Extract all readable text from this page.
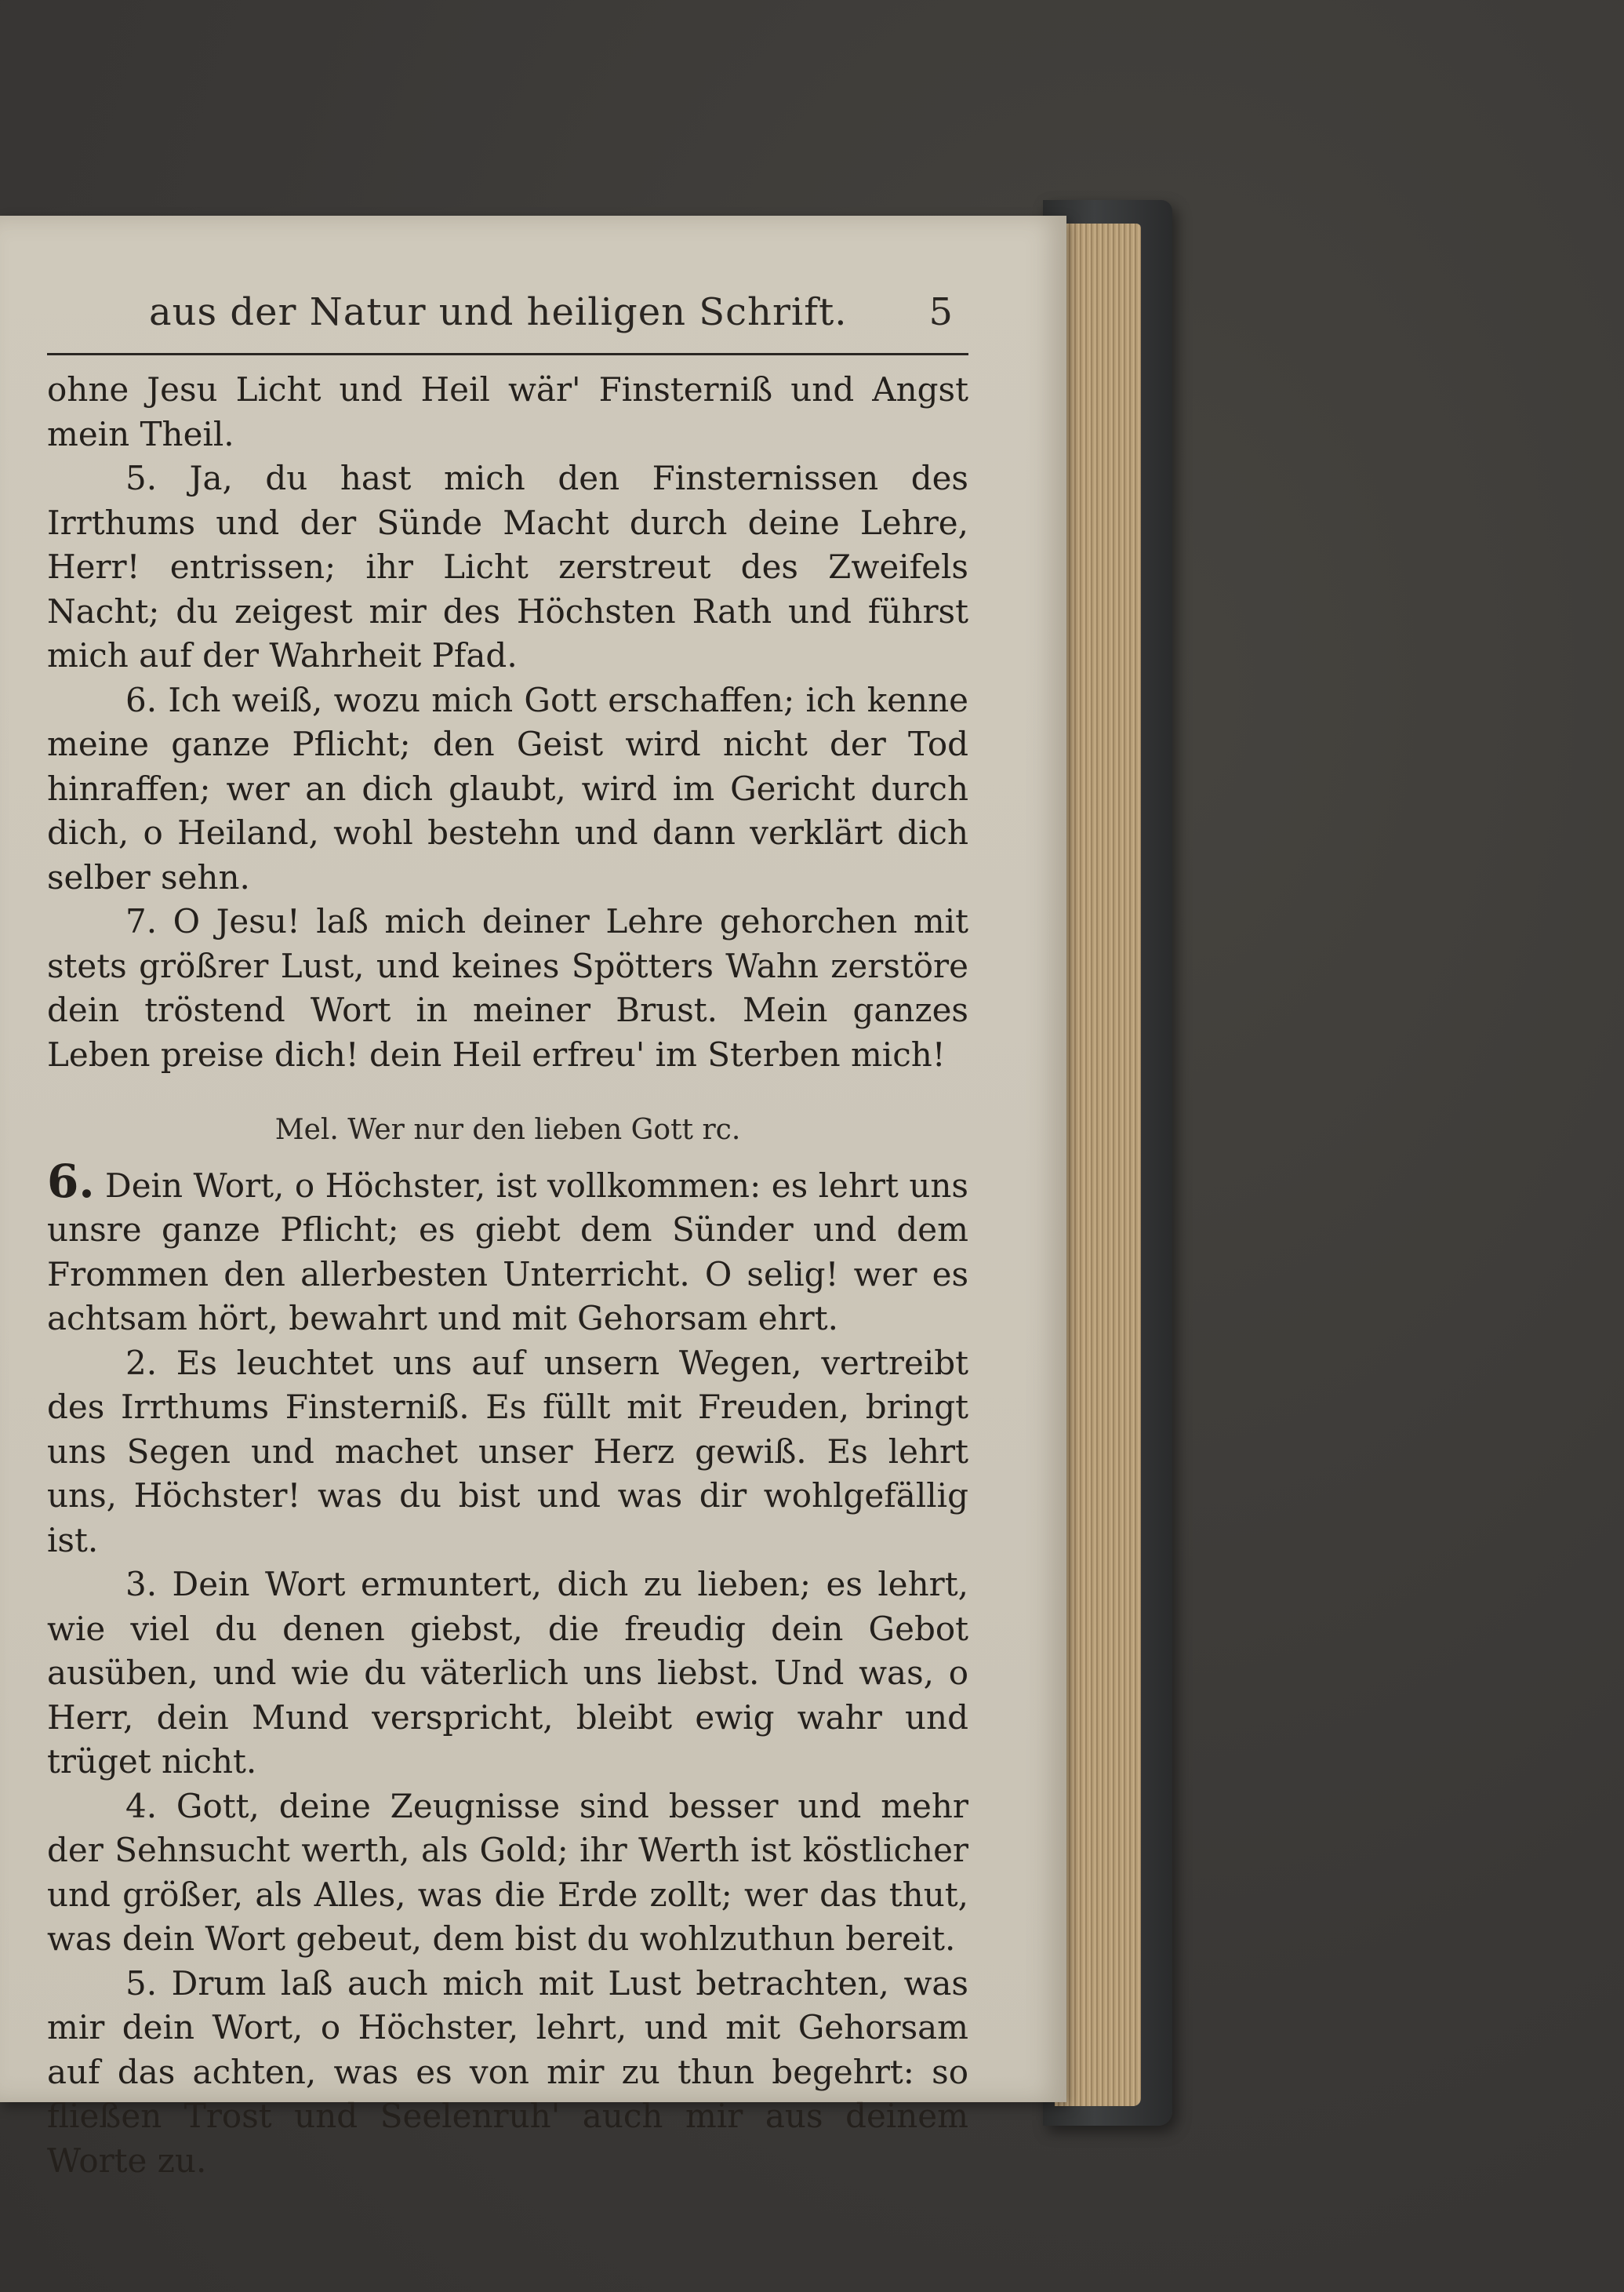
aus der Natur und heiligen Schrift. 5

ohne Jesu Licht und Heil wär' Finsterniß und Angst mein Theil.

5. Ja, du hast mich den Finsternissen des Irrthums und der Sünde Macht durch deine Lehre, Herr! entrissen; ihr Licht zerstreut des Zweifels Nacht; du zeigest mir des Höchsten Rath und führst mich auf der Wahrheit Pfad.

6. Ich weiß, wozu mich Gott erschaffen; ich kenne meine ganze Pflicht; den Geist wird nicht der Tod hinraffen; wer an dich glaubt, wird im Gericht durch dich, o Heiland, wohl bestehn und dann verklärt dich selber sehn.

7. O Jesu! laß mich deiner Lehre gehorchen mit stets größrer Lust, und keines Spötters Wahn zerstöre dein tröstend Wort in meiner Brust. Mein ganzes Leben preise dich! dein Heil erfreu' im Sterben mich!

Mel. Wer nur den lieben Gott rc.

6. Dein Wort, o Höchster, ist vollkommen: es lehrt uns unsre ganze Pflicht; es giebt dem Sünder und dem Frommen den allerbesten Unterricht. O selig! wer es achtsam hört, bewahrt und mit Gehorsam ehrt.

2. Es leuchtet uns auf unsern Wegen, vertreibt des Irrthums Finsterniß. Es füllt mit Freuden, bringt uns Segen und machet unser Herz gewiß. Es lehrt uns, Höchster! was du bist und was dir wohlgefällig ist.

3. Dein Wort ermuntert, dich zu lieben; es lehrt, wie viel du denen giebst, die freudig dein Gebot ausüben, und wie du väterlich uns liebst. Und was, o Herr, dein Mund verspricht, bleibt ewig wahr und trüget nicht.

4. Gott, deine Zeugnisse sind besser und mehr der Sehnsucht werth, als Gold; ihr Werth ist köstlicher und größer, als Alles, was die Erde zollt; wer das thut, was dein Wort gebeut, dem bist du wohlzuthun bereit.

5. Drum laß auch mich mit Lust betrachten, was mir dein Wort, o Höchster, lehrt, und mit Gehorsam auf das achten, was es von mir zu thun begehrt: so fließen Trost und Seelenruh' auch mir aus deinem Worte zu.
